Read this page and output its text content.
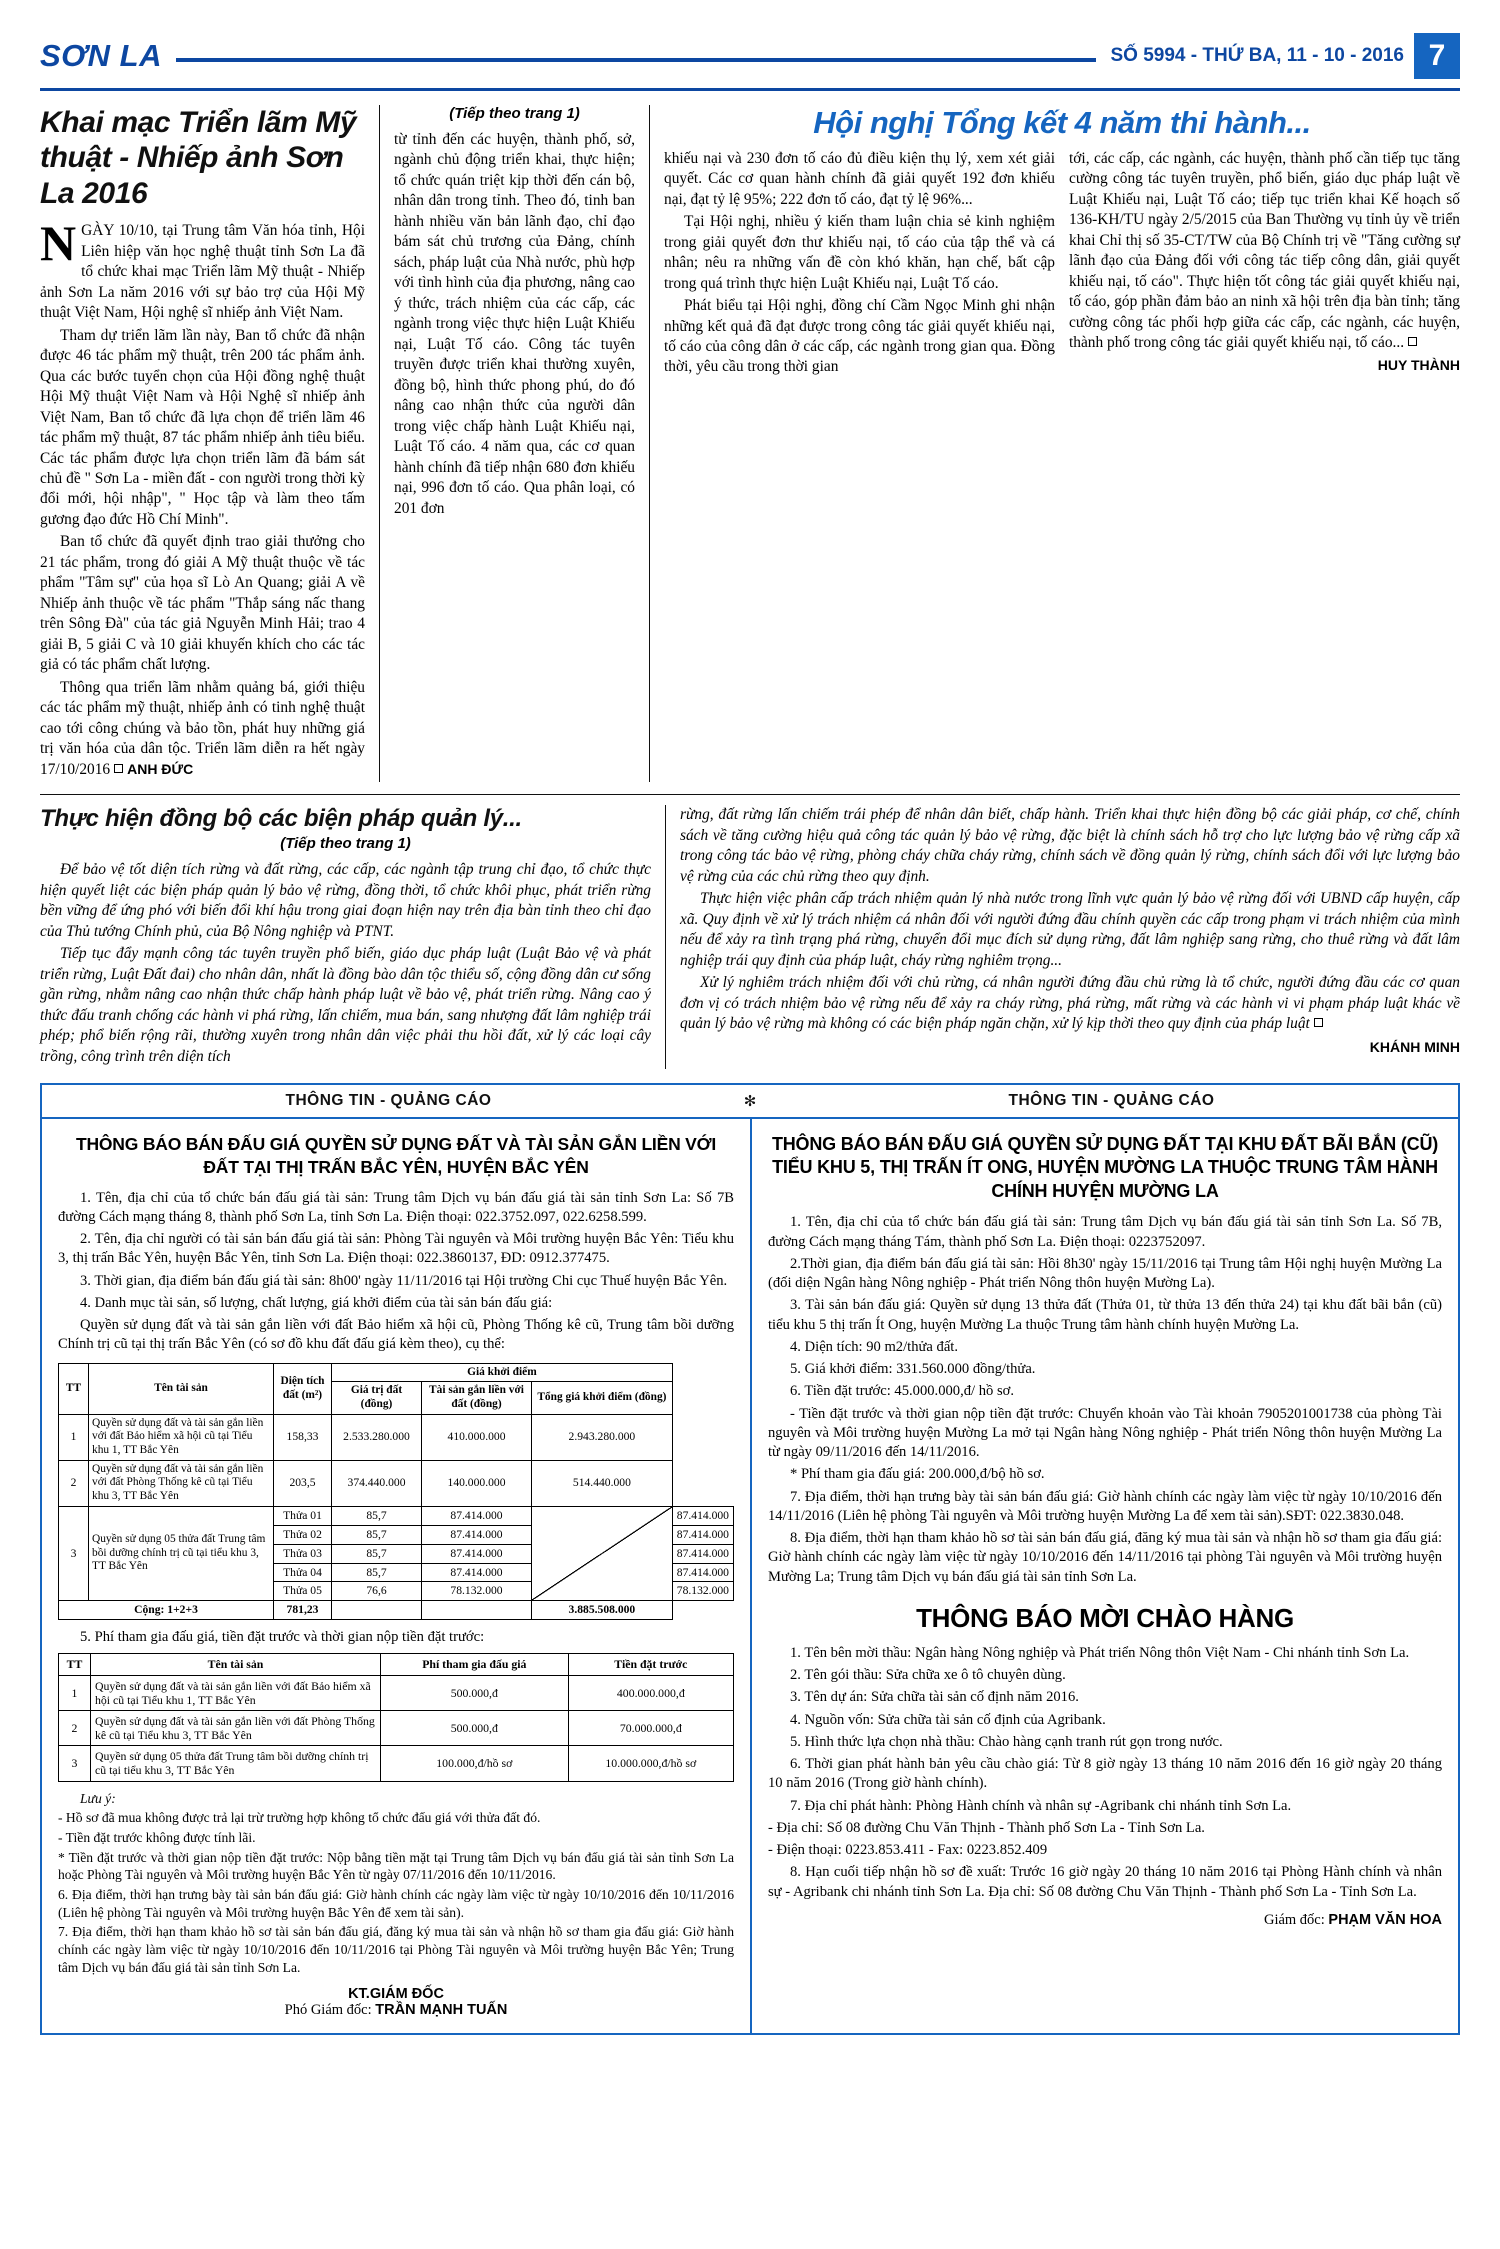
SƠN LA	SỐ 5994 - THỨ BA, 11 - 10 - 2016 7
Khai mạc Triển lãm Mỹ thuật - Nhiếp ảnh Sơn La 2016
NGÀY 10/10, tại Trung tâm Văn hóa tỉnh, Hội Liên hiệp văn học nghệ thuật tỉnh Sơn La đã tổ chức khai mạc Triển lãm Mỹ thuật - Nhiếp ảnh Sơn La năm 2016 với sự bảo trợ của Hội Mỹ thuật Việt Nam, Hội nghệ sĩ nhiếp ảnh Việt Nam.

Tham dự triển lãm lần này, Ban tổ chức đã nhận được 46 tác phẩm mỹ thuật, trên 200 tác phẩm ảnh. Qua các bước tuyển chọn của Hội đồng nghệ thuật Hội Mỹ thuật Việt Nam và Hội Nghệ sĩ nhiếp ảnh Việt Nam, Ban tổ chức đã lựa chọn để triển lãm 46 tác phẩm mỹ thuật, 87 tác phẩm nhiếp ảnh tiêu biểu. Các tác phẩm được lựa chọn triển lãm đã bám sát chủ đề " Sơn La - miền đất - con người trong thời kỳ đổi mới, hội nhập", " Học tập và làm theo tấm gương đạo đức Hồ Chí Minh".

Ban tổ chức đã quyết định trao giải thưởng cho 21 tác phẩm, trong đó giải A Mỹ thuật thuộc về tác phẩm "Tâm sự" của họa sĩ Lò An Quang; giải A về Nhiếp ảnh thuộc về tác phẩm "Thắp sáng nấc thang trên Sông Đà" của tác giả Nguyễn Minh Hải; trao 4 giải B, 5 giải C và 10 giải khuyến khích cho các tác giả có tác phẩm chất lượng.

Thông qua triển lãm nhằm quảng bá, giới thiệu các tác phẩm mỹ thuật, nhiếp ảnh có tinh nghệ thuật cao tới công chúng và bảo tồn, phát huy những giá trị văn hóa của dân tộc. Triển lãm diễn ra hết ngày 17/10/2016 ANH ĐỨC

(Tiếp theo trang 1)

từ tỉnh đến các huyện, thành phố, sở, ngành chủ động triển khai, thực hiện; tổ chức quán triệt kịp thời đến cán bộ, nhân dân trong tỉnh. Theo đó, tinh ban hành nhiều văn bản lãnh đạo, chỉ đạo bám sát chủ trương của Đảng, chính sách, pháp luật của Nhà nước, phù hợp với tình hình của địa phương, nâng cao ý thức, trách nhiệm của các cấp, các ngành trong việc thực hiện Luật Khiếu nại, Luật Tố cáo. Công tác tuyên truyền được triển khai thường xuyên, đồng bộ, hình thức phong phú, do đó nâng cao nhận thức của người dân trong việc chấp hành Luật Khiếu nại, Luật Tố cáo. 4 năm qua, các cơ quan hành chính đã tiếp nhận 680 đơn khiếu nại, 996 đơn tố cáo. Qua phân loại, có 201 đơn

Hội nghị Tổng kết 4 năm thi hành...

khiếu nại và 230 đơn tố cáo đủ điều kiện thụ lý, xem xét giải quyết. Các cơ quan hành chính đã giải quyết 192 đơn khiếu nại, đạt tỷ lệ 95%; 222 đơn tố cáo, đạt tỷ lệ 96%...

Tại Hội nghị, nhiều ý kiến tham luận chia sẻ kinh nghiệm trong giải quyết đơn thư khiếu nại, tố cáo của tập thể và cá nhân; nêu ra những vấn đề còn khó khăn, hạn chế, bất cập trong quá trình thực hiện Luật Khiếu nại, Luật Tố cáo.

Phát biểu tại Hội nghị, đồng chí Cầm Ngọc Minh ghi nhận những kết quả đã đạt được trong công tác giải quyết khiếu nại, tố cáo của công dân ở các cấp, các ngành trong gian qua. Đồng thời, yêu cầu trong thời gian

tới, các cấp, các ngành, các huyện, thành phố cần tiếp tục tăng cường công tác tuyên truyền, phổ biến, giáo dục pháp luật về Luật Khiếu nại, Luật Tố cáo; tiếp tục triển khai Kế hoạch số 136-KH/TU ngày 2/5/2015 của Ban Thường vụ tỉnh ủy về triển khai Chỉ thị số 35-CT/TW của Bộ Chính trị về "Tăng cường sự lãnh đạo của Đảng đối với công tác tiếp công dân, giải quyết khiếu nại, tố cáo". Thực hiện tốt công tác giải quyết khiếu nại, tố cáo, góp phần đảm bảo an ninh xã hội trên địa bàn tỉnh; tăng cường công tác phối hợp giữa các cấp, các ngành, các huyện, thành phố trong công tác giải quyết khiếu nại, tố cáo...

HUY THÀNH
Thực hiện đồng bộ các biện pháp quản lý...
(Tiếp theo trang 1)

Để bảo vệ tốt diện tích rừng và đất rừng, các cấp, các ngành tập trung chỉ đạo, tổ chức thực hiện quyết liệt các biện pháp quản lý bảo vệ rừng, đồng thời, tổ chức khôi phục, phát triển rừng bền vững để ứng phó với biến đổi khí hậu trong giai đoạn hiện nay trên địa bàn tỉnh theo chỉ đạo của Thủ tướng Chính phủ, của Bộ Nông nghiệp và PTNT.

Tiếp tục đẩy mạnh công tác tuyên truyền phổ biến, giáo dục pháp luật (Luật Bảo vệ và phát triển rừng, Luật Đất đai) cho nhân dân, nhất là đồng bào dân tộc thiểu số, cộng đồng dân cư sống gần rừng, nhằm nâng cao nhận thức chấp hành pháp luật về bảo vệ, phát triển rừng. Nâng cao ý thức đấu tranh chống các hành vi phá rừng, lấn chiếm, mua bán, sang nhượng đất lâm nghiệp trái phép; phổ biến rộng rãi, thường xuyên trong nhân dân việc phải thu hồi đất, xử lý các loại cây trồng, công trình trên diện tích

rừng, đất rừng lấn chiếm trái phép để nhân dân biết, chấp hành. Triển khai thực hiện đồng bộ các giải pháp, cơ chế, chính sách về tăng cường hiệu quả công tác quản lý bảo vệ rừng, đặc biệt là chính sách hỗ trợ cho lực lượng bảo vệ rừng cấp xã trong công tác bảo vệ rừng, phòng cháy chữa cháy rừng, chính sách về đồng quản lý rừng, chính sách đổi với lực lượng bảo vệ rừng của các chủ rừng theo quy định.

Thực hiện việc phân cấp trách nhiệm quản lý nhà nước trong lĩnh vực quản lý bảo vệ rừng đối với UBND cấp huyện, cấp xã. Quy định về xử lý trách nhiệm cá nhân đối với người đứng đầu chính quyền các cấp trong phạm vi trách nhiệm của mình nếu để xảy ra tình trạng phá rừng, chuyển đổi mục đích sử dụng rừng, đất lâm nghiệp sang rừng, cho thuê rừng và đất lâm nghiệp trái quy định của pháp luật, cháy rừng nghiêm trọng...

Xử lý nghiêm trách nhiệm đối với chủ rừng, cá nhân người đứng đầu chủ rừng là tổ chức, người đứng đầu các cơ quan đơn vị có trách nhiệm bảo vệ rừng nếu để xảy ra cháy rừng, phá rừng, mất rừng và các hành vi vi phạm pháp luật khác về quản lý bảo vệ rừng mà không có các biện pháp ngăn chặn, xử lý kịp thời theo quy định của pháp luật

KHÁNH MINH
THÔNG TIN - QUẢNG CÁO	✻	THÔNG TIN - QUẢNG CÁO
THÔNG BÁO BÁN ĐẤU GIÁ QUYỀN SỬ DỤNG ĐẤT VÀ TÀI SẢN GẮN LIỀN VỚI ĐẤT TẠI THỊ TRẤN BẮC YÊN, HUYỆN BẮC YÊN

1. Tên, địa chỉ của tổ chức bán đấu giá tài sản: Trung tâm Dịch vụ bán đấu giá tài sản tỉnh Sơn La: Số 7B đường Cách mạng tháng 8, thành phố Sơn La, tỉnh Sơn La. Điện thoại: 022.3752.097, 022.6258.599.

2. Tên, địa chỉ người có tài sản bán đấu giá tài sản: Phòng Tài nguyên và Môi trường huyện Bắc Yên: Tiểu khu 3, thị trấn Bắc Yên, huyện Bắc Yên, tỉnh Sơn La. Điện thoại: 022.3860137, ĐD: 0912.377475.

3. Thời gian, địa điểm bán đấu giá tài sản: 8h00' ngày 11/11/2016 tại Hội trường Chi cục Thuế huyện Bắc Yên.

4. Danh mục tài sản, số lượng, chất lượng, giá khởi điểm của tài sản bán đấu giá:

Quyền sử dụng đất và tài sản gắn liền với đất Bảo hiểm xã hội cũ, Phòng Thống kê cũ, Trung tâm bồi dưỡng Chính trị cũ tại thị trấn Bắc Yên (có sơ đồ khu đất đấu giá kèm theo), cụ thể:

TT	Tên tài sản	Diện tích đất (m²)	Giá khởi điểm			
			Giá trị đất (đồng)	Tài sản gắn liền với đất (đồng)	Tổng giá khởi điểm (đồng)	
1	Quyền sử dụng đất và tài sản gắn liền với đất Bảo hiểm xã hội cũ tại Tiểu khu 1, TT Bắc Yên	158,33	2.533.280.000	410.000.000	2.943.280.000	
2	Quyền sử dụng đất và tài sản gắn liền với đất Phòng Thống kê cũ tại Tiểu khu 3, TT Bắc Yên	203,5	374.440.000	140.000.000	514.440.000	
3	Quyền sử dụng 05 thửa đất Trung tâm bồi dưỡng chính trị cũ tại tiểu khu 3, TT Bắc Yên	Thửa 01	85,7	87.414.000		87.414.000
		Thửa 02	85,7	87.414.000		87.414.000
		Thửa 03	85,7	87.414.000		87.414.000
		Thửa 04	85,7	87.414.000		87.414.000
		Thửa 05	76,6	78.132.000		78.132.000
Cộng: 1+2+3		781,23			3.885.508.000	

5. Phí tham gia đấu giá, tiền đặt trước và thời gian nộp tiền đặt trước:

TT	Tên tài sản	Phí tham gia đấu giá	Tiền đặt trước
1	Quyền sử dụng đất và tài sản gắn liền với đất Bảo hiểm xã hội cũ tại Tiểu khu 1, TT Bắc Yên	500.000,đ	400.000.000,đ
2	Quyền sử dụng đất và tài sản gắn liền với đất Phòng Thống kê cũ tại Tiểu khu 3, TT Bắc Yên	500.000,đ	70.000.000,đ
3	Quyền sử dụng 05 thửa đất Trung tâm bồi dưỡng chính trị cũ tại tiểu khu 3, TT Bắc Yên	100.000,đ/hồ sơ	10.000.000,đ/hồ sơ

Lưu ý:

- Hồ sơ đã mua không được trả lại trừ trường hợp không tổ chức đấu giá với thửa đất đó.

- Tiền đặt trước không được tính lãi.

* Tiền đặt trước và thời gian nộp tiền đặt trước: Nộp bằng tiền mặt tại Trung tâm Dịch vụ bán đấu giá tài sản tỉnh Sơn La hoặc Phòng Tài nguyên và Môi trường huyện Bắc Yên từ ngày 07/11/2016 đến 10/11/2016.

6. Địa điểm, thời hạn trưng bày tài sản bán đấu giá: Giờ hành chính các ngày làm việc từ ngày 10/10/2016 đến 10/11/2016 (Liên hệ phòng Tài nguyên và Môi trường huyện Bắc Yên để xem tài sản).

7. Địa điểm, thời hạn tham khảo hồ sơ tài sản bán đấu giá, đăng ký mua tài sản và nhận hồ sơ tham gia đấu giá: Giờ hành chính các ngày làm việc từ ngày 10/10/2016 đến 10/11/2016 tại Phòng Tài nguyên và Môi trường huyện Bắc Yên; Trung tâm Dịch vụ bán đấu giá tài sản tỉnh Sơn La.

KT.GIÁM ĐỐC
Phó Giám đốc: TRẦN MẠNH TUẤN
THÔNG BÁO BÁN ĐẤU GIÁ QUYỀN SỬ DỤNG ĐẤT TẠI KHU ĐẤT BÃI BẮN (CŨ) TIỂU KHU 5, THỊ TRẤN ÍT ONG, HUYỆN MƯỜNG LA THUỘC TRUNG TÂM HÀNH CHÍNH HUYỆN MƯỜNG LA

1. Tên, địa chỉ của tổ chức bán đấu giá tài sản: Trung tâm Dịch vụ bán đấu giá tài sản tỉnh Sơn La. Số 7B, đường Cách mạng tháng Tám, thành phố Sơn La. Điện thoại: 0223752097.

2.Thời gian, địa điểm bán đấu giá tài sản: Hồi 8h30' ngày 15/11/2016 tại Trung tâm Hội nghị huyện Mường La (đối diện Ngân hàng Nông nghiệp - Phát triển Nông thôn huyện Mường La).

3. Tài sản bán đấu giá: Quyền sử dụng 13 thửa đất (Thửa 01, từ thửa 13 đến thửa 24) tại khu đất bãi bắn (cũ) tiểu khu 5 thị trấn Ít Ong, huyện Mường La thuộc Trung tâm hành chính huyện Mường La.

4. Diện tích: 90 m2/thửa đất.

5. Giá khởi điểm: 331.560.000 đồng/thửa.

6. Tiền đặt trước: 45.000.000,đ/ hồ sơ.

- Tiền đặt trước và thời gian nộp tiền đặt trước: Chuyển khoản vào Tài khoản 7905201001738 của phòng Tài nguyên và Môi trường huyện Mường La mở tại Ngân hàng Nông nghiệp - Phát triển Nông thôn huyện Mường La từ ngày 09/11/2016 đến 14/11/2016.

* Phí tham gia đấu giá: 200.000,đ/bộ hồ sơ.

7. Địa điểm, thời hạn trưng bày tài sản bán đấu giá: Giờ hành chính các ngày làm việc từ ngày 10/10/2016 đến 14/11/2016 (Liên hệ phòng Tài nguyên và Môi trường huyện Mường La để xem tài sản).SĐT: 022.3830.048.

8. Địa điểm, thời hạn tham khảo hồ sơ tài sản bán đấu giá, đăng ký mua tài sản và nhận hồ sơ tham gia đấu giá: Giờ hành chính các ngày làm việc từ ngày 10/10/2016 đến 14/11/2016 tại phòng Tài nguyên và Môi trường huyện Mường La; Trung tâm Dịch vụ bán đấu giá tài sản tỉnh Sơn La.

THÔNG BÁO MỜI CHÀO HÀNG

1. Tên bên mời thầu: Ngân hàng Nông nghiệp và Phát triển Nông thôn Việt Nam - Chi nhánh tỉnh Sơn La.

2. Tên gói thầu: Sửa chữa xe ô tô chuyên dùng.

3. Tên dự án: Sửa chữa tài sản cố định năm 2016.

4. Nguồn vốn: Sửa chữa tài sản cố định của Agribank.

5. Hình thức lựa chọn nhà thầu: Chào hàng cạnh tranh rút gọn trong nước.

6. Thời gian phát hành bản yêu cầu chào giá: Từ 8 giờ ngày 13 tháng 10 năm 2016 đến 16 giờ ngày 20 tháng 10 năm 2016 (Trong giờ hành chính).

7. Địa chỉ phát hành: Phòng Hành chính và nhân sự -Agribank chi nhánh tỉnh Sơn La.

- Địa chỉ: Số 08 đường Chu Văn Thịnh - Thành phố Sơn La - Tỉnh Sơn La.

- Điện thoại: 0223.853.411 - Fax: 0223.852.409

8. Hạn cuối tiếp nhận hồ sơ đề xuất: Trước 16 giờ ngày 20 tháng 10 năm 2016 tại Phòng Hành chính và nhân sự - Agribank chi nhánh tỉnh Sơn La. Địa chỉ: Số 08 đường Chu Văn Thịnh - Thành phố Sơn La - Tỉnh Sơn La.

Giám đốc: PHẠM VĂN HOA
